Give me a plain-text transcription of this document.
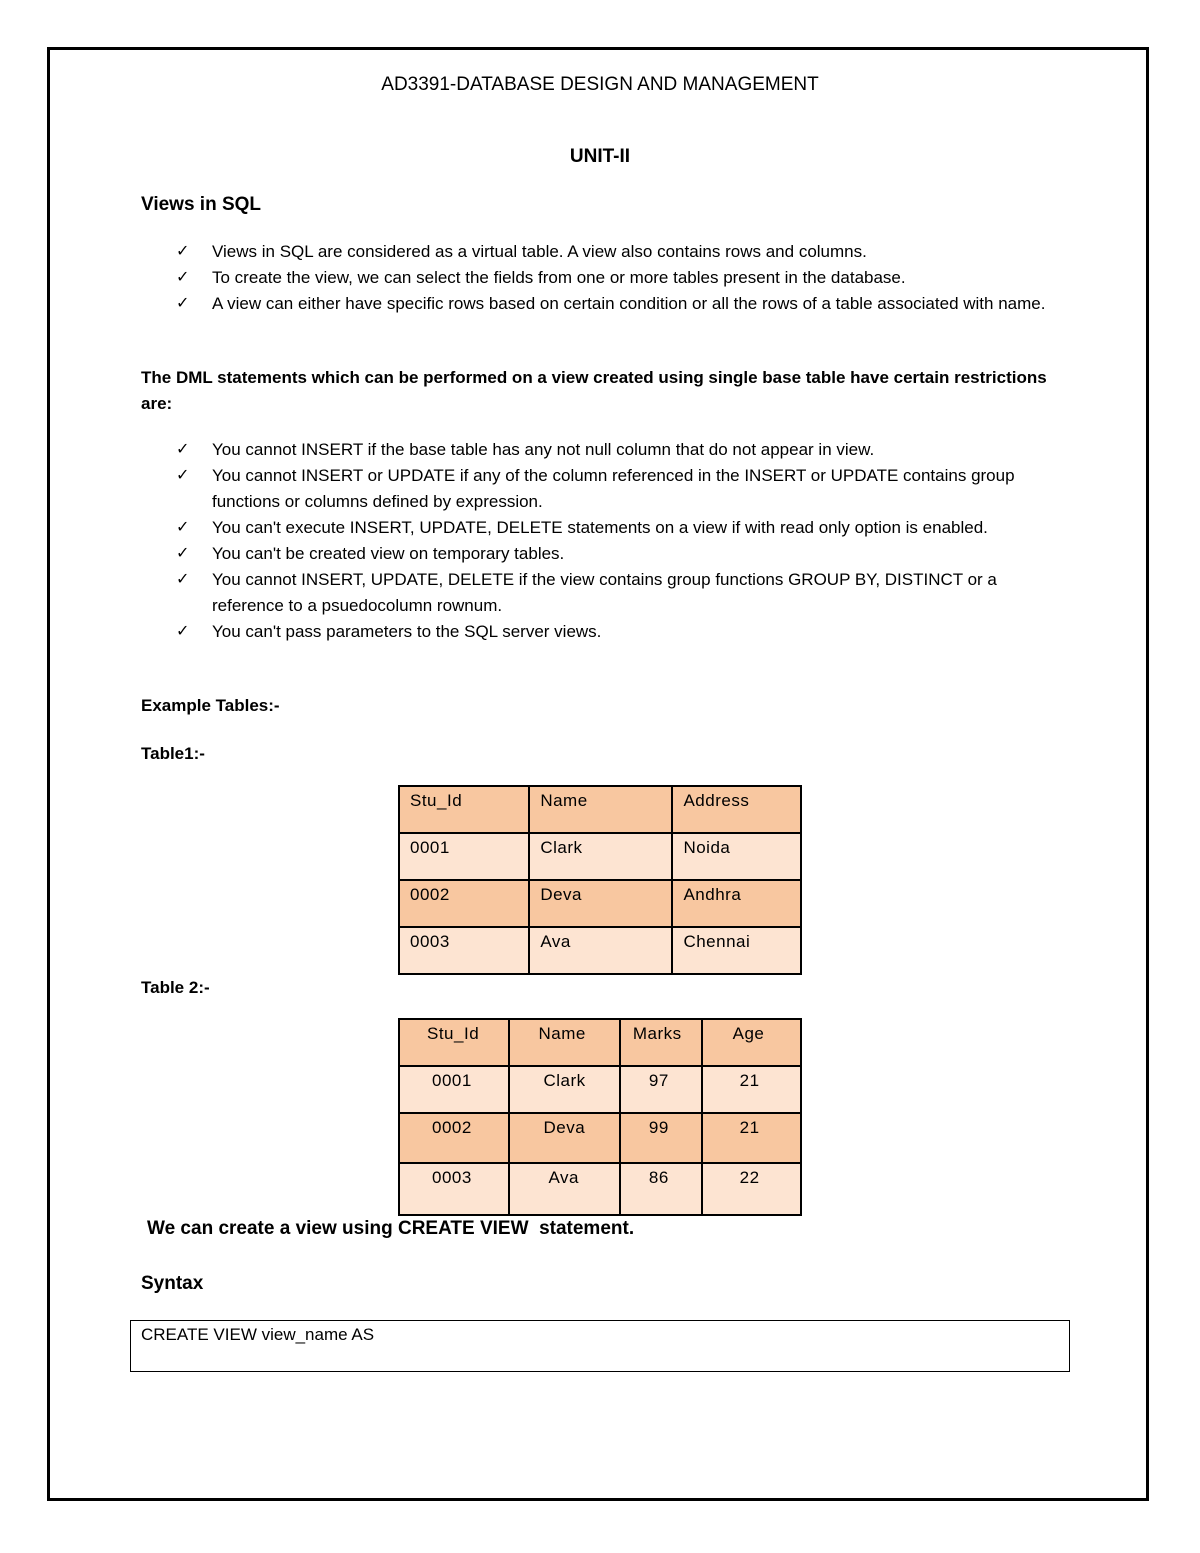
AD3391-DATABASE DESIGN AND MANAGEMENT
UNIT-II
Views in SQL
✓ Views in SQL are considered as a virtual table. A view also contains rows and columns.
✓ To create the view, we can select the fields from one or more tables present in the database.
✓ A view can either have specific rows based on certain condition or all the rows of a table associated with name.
The DML statements which can be performed on a view created using single base table have certain restrictions are:
✓ You cannot INSERT if the base table has any not null column that do not appear in view.
✓ You cannot INSERT or UPDATE if any of the column referenced in the INSERT or UPDATE contains group functions or columns defined by expression.
✓ You can't execute INSERT, UPDATE, DELETE statements on a view if with read only option is enabled.
✓ You can't be created view on temporary tables.
✓ You cannot INSERT, UPDATE, DELETE if the view contains group functions GROUP BY, DISTINCT or a reference to a psuedocolumn rownum.
✓ You can't pass parameters to the SQL server views.
Example Tables:-
Table1:-
Stu_Id	Name	Address
0001	Clark	Noida
0002	Deva	Andhra
0003	Ava	Chennai
Table 2:-
Stu_Id	Name	Marks	Age
0001	Clark	97	21
0002	Deva	99	21
0003	Ava	86	22
We can create a view using CREATE VIEW  statement.
Syntax
CREATE VIEW view_name AS
